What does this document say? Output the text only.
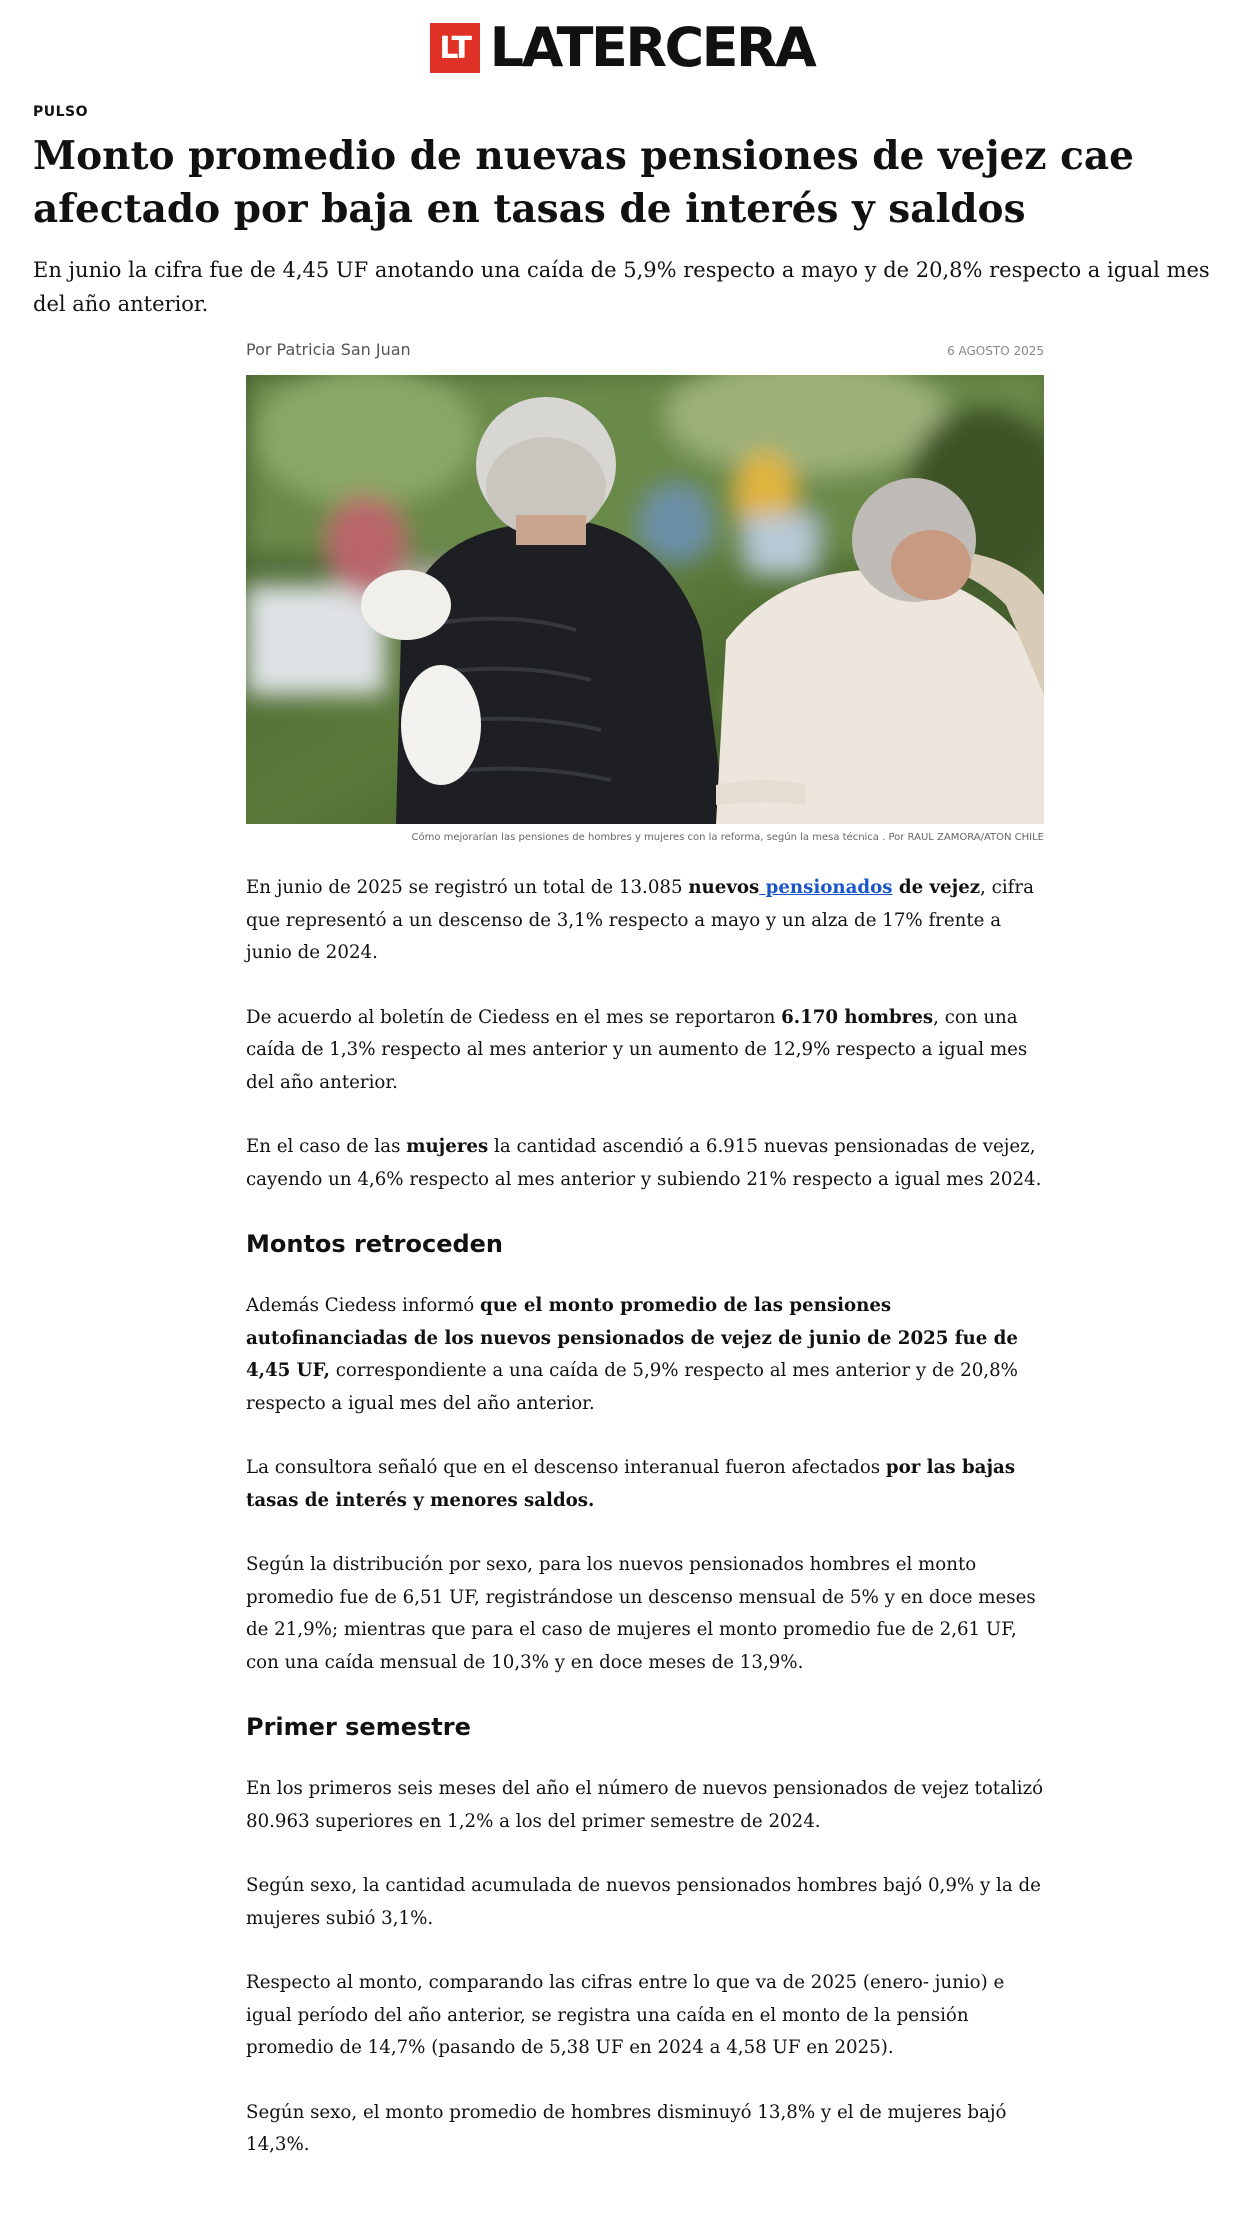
LT LATERCERA
PULSO
Monto promedio de nuevas pensiones de vejez cae afectado por baja en tasas de interés y saldos

En junio la cifra fue de 4,45 UF anotando una caída de 5,9% respecto a mayo y de 20,8% respecto a igual mes del año anterior.

Por Patricia San Juan	6 AGOSTO 2025
Cómo mejorarían las pensiones de hombres y mujeres con la reforma, según la mesa técnica . Por RAUL ZAMORA/ATON CHILE

En junio de 2025 se registró un total de 13.085 nuevos pensionados de vejez, cifra que representó a un descenso de 3,1% respecto a mayo y un alza de 17% frente a junio de 2024.

De acuerdo al boletín de Ciedess en el mes se reportaron 6.170 hombres, con una caída de 1,3% respecto al mes anterior y un aumento de 12,9% respecto a igual mes del año anterior.

En el caso de las mujeres la cantidad ascendió a 6.915 nuevas pensionadas de vejez, cayendo un 4,6% respecto al mes anterior y subiendo 21% respecto a igual mes 2024.

Montos retroceden

Además Ciedess informó que el monto promedio de las pensiones autofinanciadas de los nuevos pensionados de vejez de junio de 2025 fue de 4,45 UF, correspondiente a una caída de 5,9% respecto al mes anterior y de 20,8% respecto a igual mes del año anterior.

La consultora señaló que en el descenso interanual fueron afectados por las bajas tasas de interés y menores saldos.

Según la distribución por sexo, para los nuevos pensionados hombres el monto promedio fue de 6,51 UF, registrándose un descenso mensual de 5% y en doce meses de 21,9%; mientras que para el caso de mujeres el monto promedio fue de 2,61 UF, con una caída mensual de 10,3% y en doce meses de 13,9%.

Primer semestre

En los primeros seis meses del año el número de nuevos pensionados de vejez totalizó 80.963 superiores en 1,2% a los del primer semestre de 2024.

Según sexo, la cantidad acumulada de nuevos pensionados hombres bajó 0,9% y la de mujeres subió 3,1%.

Respecto al monto, comparando las cifras entre lo que va de 2025 (enero- junio) e igual período del año anterior, se registra una caída en el monto de la pensión promedio de 14,7% (pasando de 5,38 UF en 2024 a 4,58 UF en 2025).

Según sexo, el monto promedio de hombres disminuyó 13,8% y el de mujeres bajó 14,3%.
